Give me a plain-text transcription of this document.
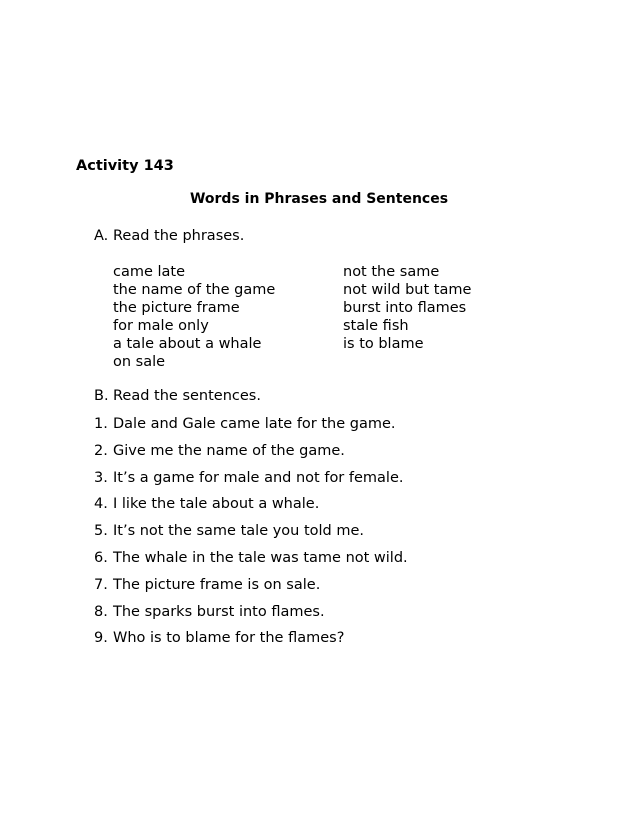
Activity 143
Words in Phrases and Sentences
A. Read the phrases.
came late
the name of the game
the picture frame
for male only
a tale about a whale
on sale
not the same
not wild but tame
burst into flames
stale fish
is to blame
B. Read the sentences.
1. Dale and Gale came late for the game.
2. Give me the name of the game.
3. It’s a game for male and not for female.
4. I like the tale about a whale.
5. It’s not the same tale you told me.
6. The whale in the tale was tame not wild.
7. The picture frame is on sale.
8. The sparks burst into flames.
9. Who is to blame for the flames?
